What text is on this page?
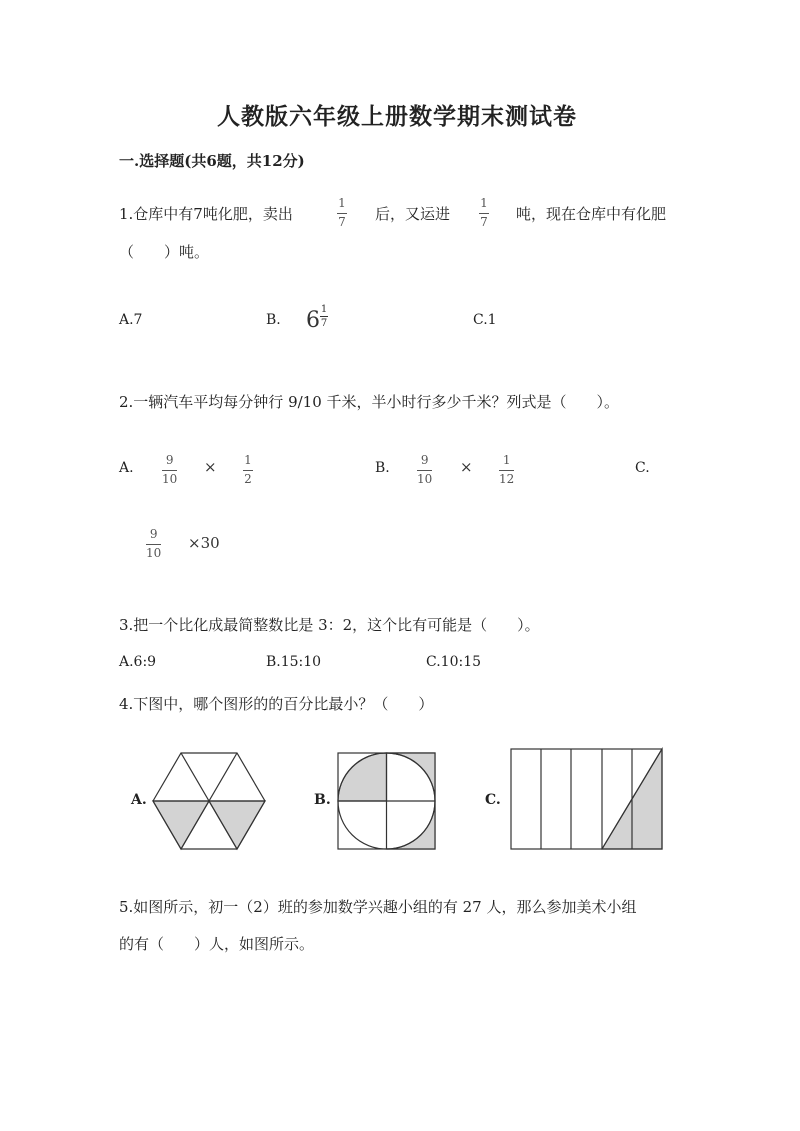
人教版六年级上册数学期末测试卷
一.选择题(共6题，共12分)
1.仓库中有7吨化肥，卖出
1
7 后，又运进
1
7 吨，现在仓库中有化肥
（　　）吨。
A.7	B. 6 1
7	C.1
2.一辆汽车平均每分钟行 9/10 千米，半小时行多少千米？列式是（　　）。
A.	9
10
× 1
2
B.	9
10
×	1
12
C.
9
10
×30
3.把一个比化成最简整数比是 3：2，这个比有可能是（　　）。
A.6:9	B.15:10	C.10:15
4.下图中，哪个图形的的百分比最小？（　　）
A.	B.	C.
5.如图所示，初一（2）班的参加数学兴趣小组的有 27 人，那么参加美术小组
的有（　　）人，如图所示。
